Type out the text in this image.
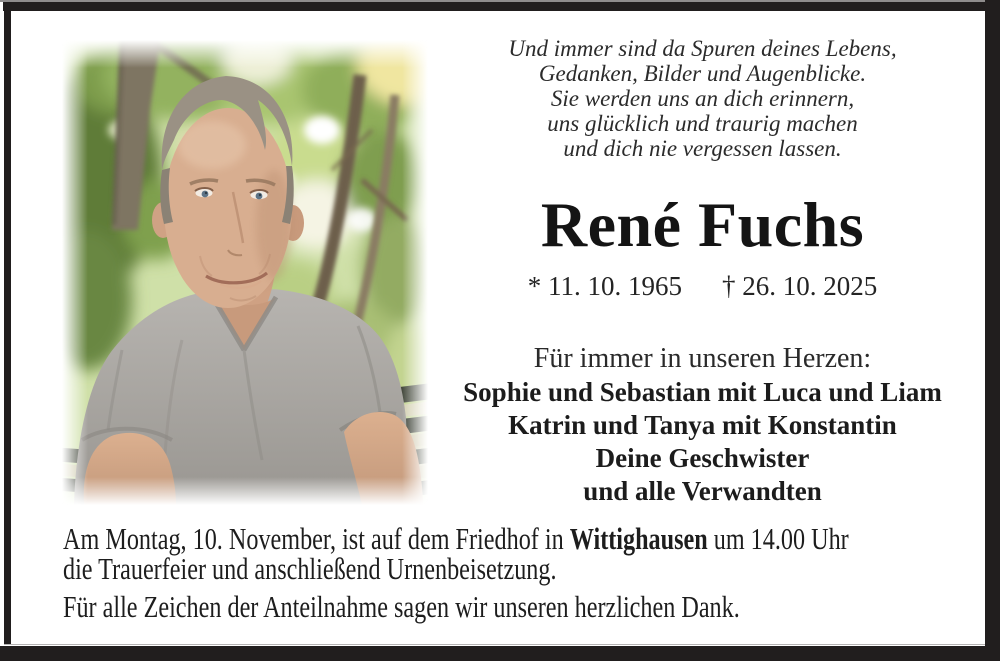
Und immer sind da Spuren deines Lebens,
Gedanken, Bilder und Augenblicke.
Sie werden uns an dich erinnern,
uns glücklich und traurig machen
und dich nie vergessen lassen.
René Fuchs
* 11. 10. 1965 † 26. 10. 2025
Für immer in unseren Herzen:
Sophie und Sebastian mit Luca und Liam
Katrin und Tanya mit Konstantin
Deine Geschwister
und alle Verwandten
Am Montag, 10. November, ist auf dem Friedhof in Wittighausen um 14.00 Uhr
die Trauerfeier und anschließend Urnenbeisetzung.
Für alle Zeichen der Anteilnahme sagen wir unseren herzlichen Dank.
